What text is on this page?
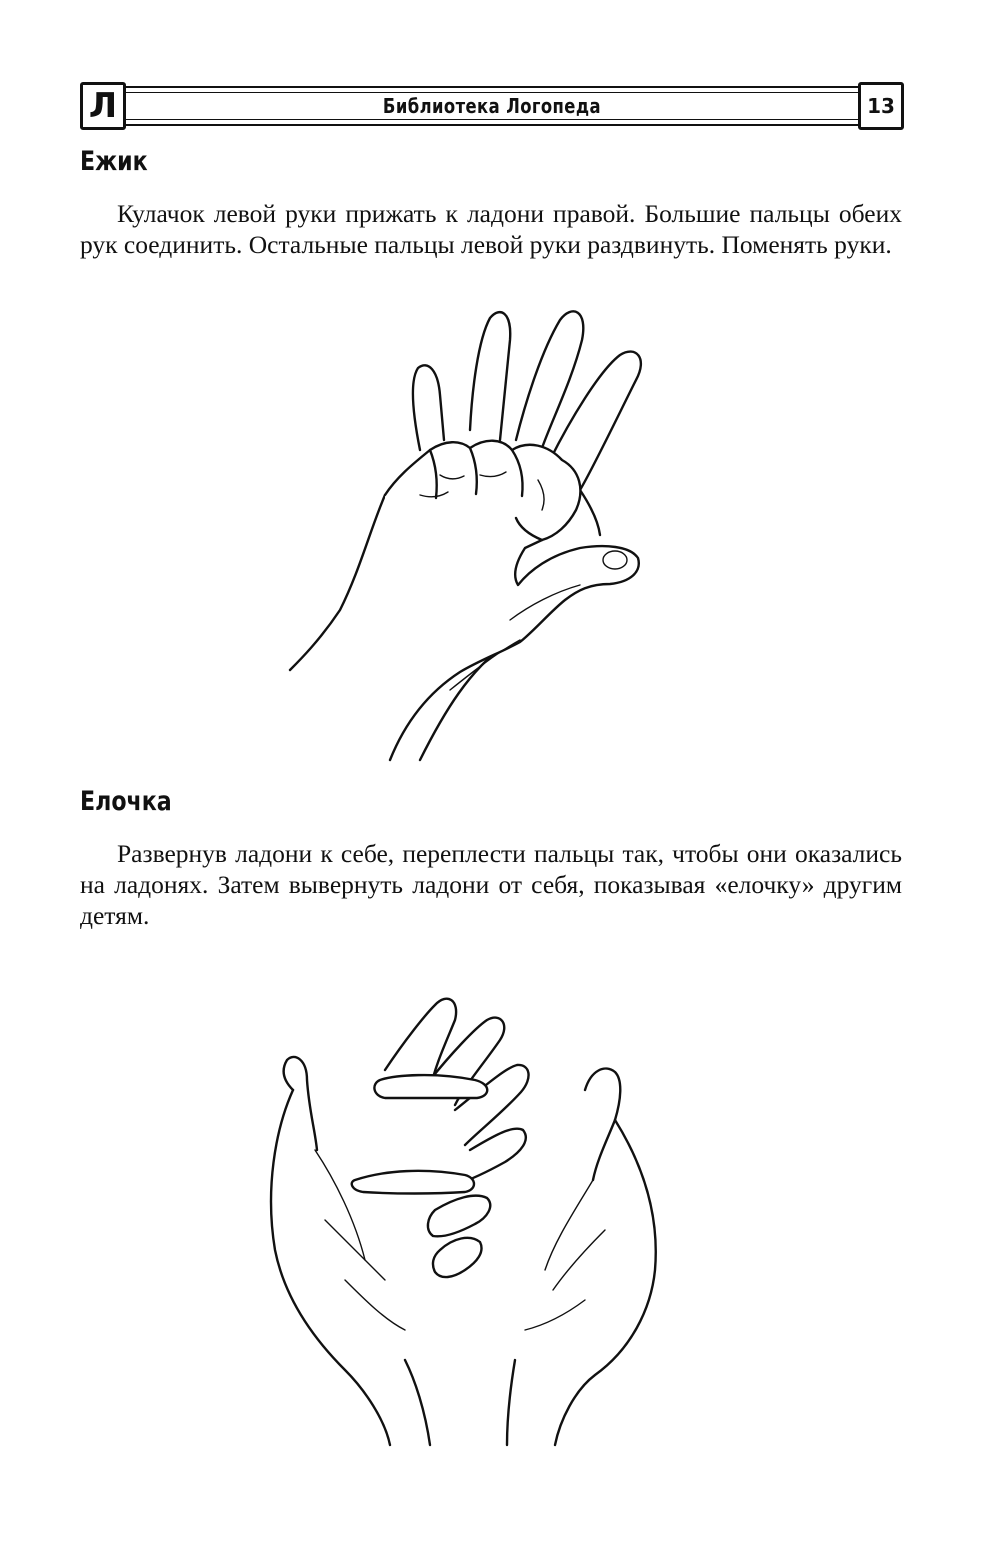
Л	Библиотека Логопеда	13
Ежик

Кулачок левой руки прижать к ладони правой. Большие пальцы обеих рук соединить. Остальные пальцы левой руки раздвинуть. Поменять руки.

Елочка

Развернув ладони к себе, переплести пальцы так, чтобы они оказались на ладонях. Затем вывернуть ладони от себя, показывая «елочку» другим детям.
